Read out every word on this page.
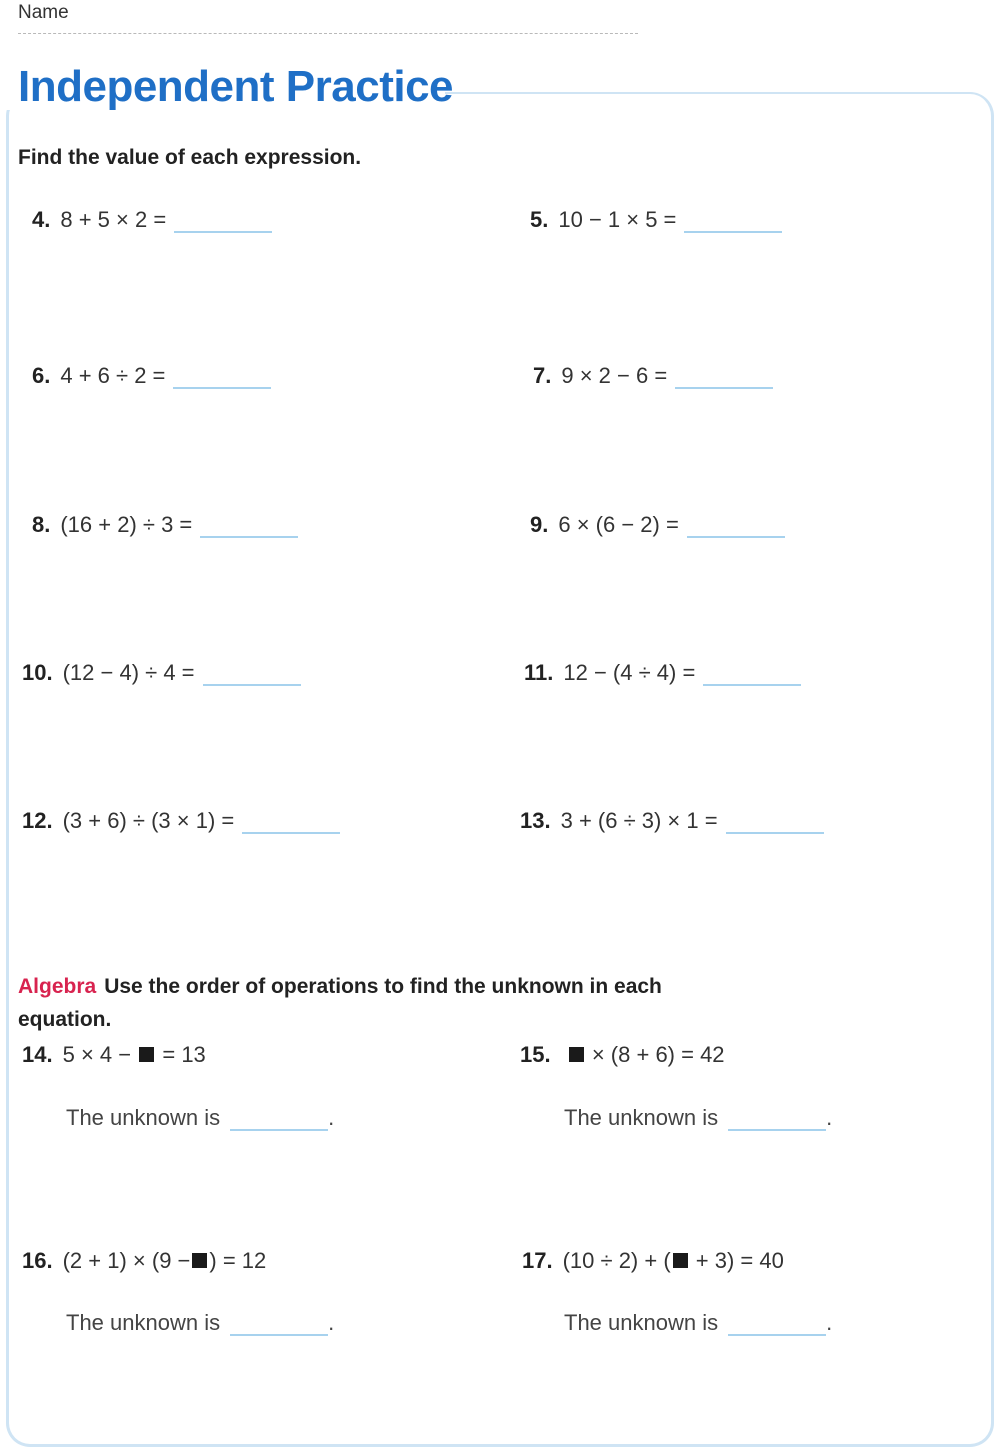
Name
Independent Practice

Find the value of each expression.

4. 8 + 5 × 2 =	5. 10 − 1 × 5 =
6. 4 + 6 ÷ 2 =	7. 9 × 2 − 6 =
8. (16 + 2) ÷ 3 =	9. 6 × (6 − 2) =
10. (12 − 4) ÷ 4 =	11. 12 − (4 ÷ 4) =
12. (3 + 6) ÷ (3 × 1) =	13. 3 + (6 ÷ 3) × 1 =

Algebra Use the order of operations to find the unknown in each equation.

14. 5 × 4 − = 13
The unknown is	.
15. × (8 + 6) = 42
The unknown is	.
16. (2 + 1) × (9 − ) = 12
The unknown is	.
17. (10 ÷ 2) + ( + 3) = 40
The unknown is	.
